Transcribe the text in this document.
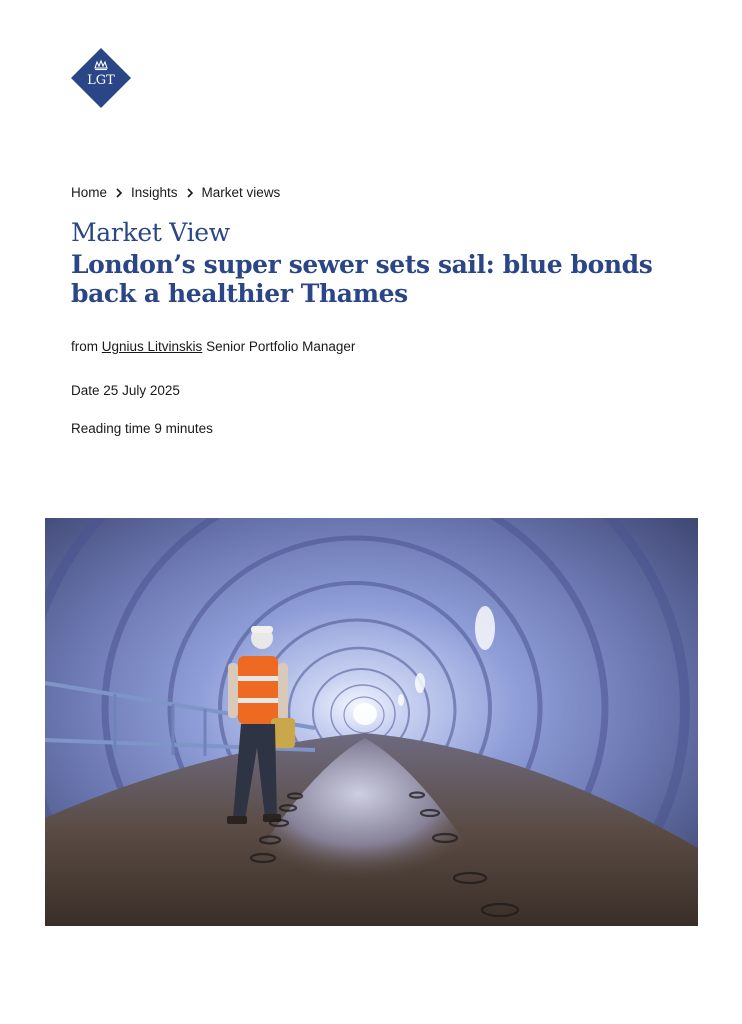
LGT
Home Insights Market views
Market View
London’s super sewer sets sail: blue bonds back a healthier Thames
from Ugnius Litvinskis Senior Portfolio Manager
Date 25 July 2025
Reading time 9 minutes
